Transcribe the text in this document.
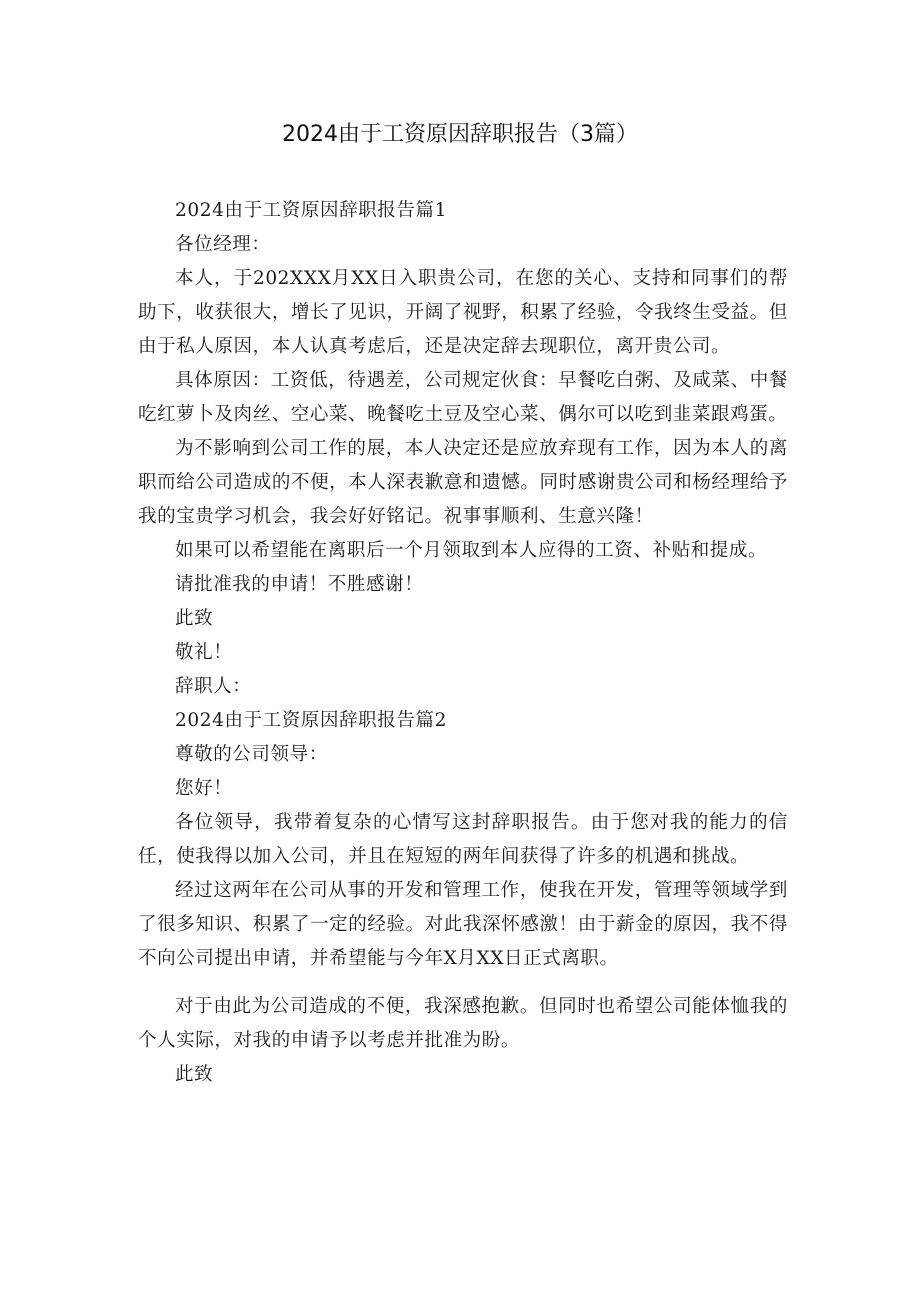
2024由于工资原因辞职报告（3篇）

2024由于工资原因辞职报告篇1

各位经理：

本人，于202XXX月XX日入职贵公司，在您的关心、支持和同事们的帮助下，收获很大，增长了见识，开阔了视野，积累了经验，令我终生受益。但由于私人原因，本人认真考虑后，还是决定辞去现职位，离开贵公司。

具体原因：工资低，待遇差，公司规定伙食：早餐吃白粥、及咸菜、中餐吃红萝卜及肉丝、空心菜、晚餐吃土豆及空心菜、偶尔可以吃到韭菜跟鸡蛋。

为不影响到公司工作的展，本人决定还是应放弃现有工作，因为本人的离职而给公司造成的不便，本人深表歉意和遗憾。同时感谢贵公司和杨经理给予我的宝贵学习机会，我会好好铭记。祝事事顺利、生意兴隆！

如果可以希望能在离职后一个月领取到本人应得的工资、补贴和提成。

请批准我的申请！不胜感谢！

此致

敬礼！

辞职人：

2024由于工资原因辞职报告篇2

尊敬的公司领导：

您好！

各位领导，我带着复杂的心情写这封辞职报告。由于您对我的能力的信任，使我得以加入公司，并且在短短的两年间获得了许多的机遇和挑战。

经过这两年在公司从事的开发和管理工作，使我在开发，管理等领域学到了很多知识、积累了一定的经验。对此我深怀感激！由于薪金的原因，我不得不向公司提出申请，并希望能与今年X月XX日正式离职。

对于由此为公司造成的不便，我深感抱歉。但同时也希望公司能体恤我的个人实际，对我的申请予以考虑并批准为盼。

此致
